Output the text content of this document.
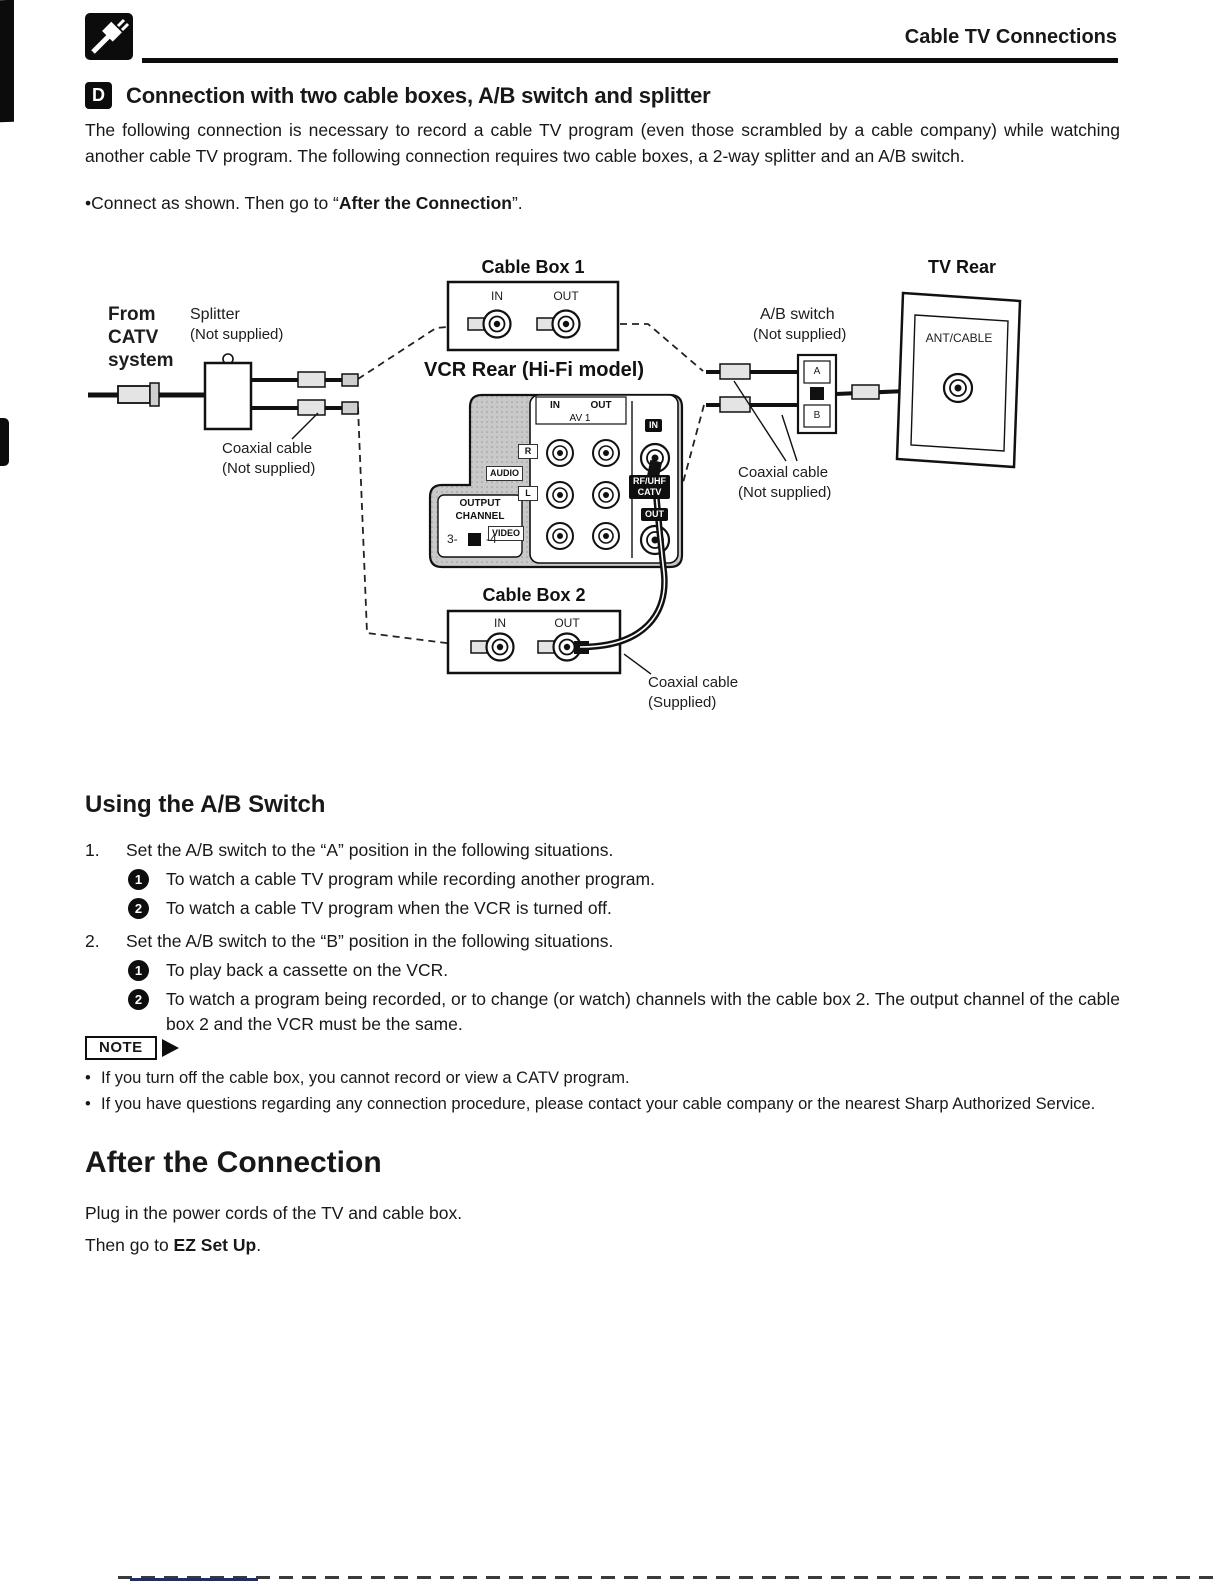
Cable TV Connections
D Connection with two cable boxes, A/B switch and splitter
The following connection is necessary to record a cable TV program (even those scrambled by a cable company) while watching another cable TV program. The following connection requires two cable boxes, a 2-way splitter and an A/B switch.
•Connect as shown. Then go to “After the Connection”.
Cable Box 1
IN	OUT
TV Rear
ANT/CABLE
From
CATV
system
Splitter
(Not supplied)
Coaxial cable
(Not supplied)
VCR Rear (Hi-Fi model)
IN	OUT
AV 1
R
AUDIO
L
VIDEO
IN
RF/UHF
CATV
OUT
OUTPUT
CHANNEL
3- -4
A/B switch
(Not supplied)
A
B
Coaxial cable
(Not supplied)
Cable Box 2
IN	OUT
Coaxial cable
(Supplied)
Using the A/B Switch
1.	Set the A/B switch to the “A” position in the following situations.
1	To watch a cable TV program while recording another program.
2	To watch a cable TV program when the VCR is turned off.
2.	Set the A/B switch to the “B” position in the following situations.
1	To play back a cassette on the VCR.
2	To watch a program being recorded, or to change (or watch) channels with the cable box 2. The output channel of the cable box 2 and the VCR must be the same.
NOTE
• If you turn off the cable box, you cannot record or view a CATV program.
• If you have questions regarding any connection procedure, please contact your cable company or the nearest Sharp Authorized Service.
After the Connection
Plug in the power cords of the TV and cable box.
Then go to EZ Set Up.
